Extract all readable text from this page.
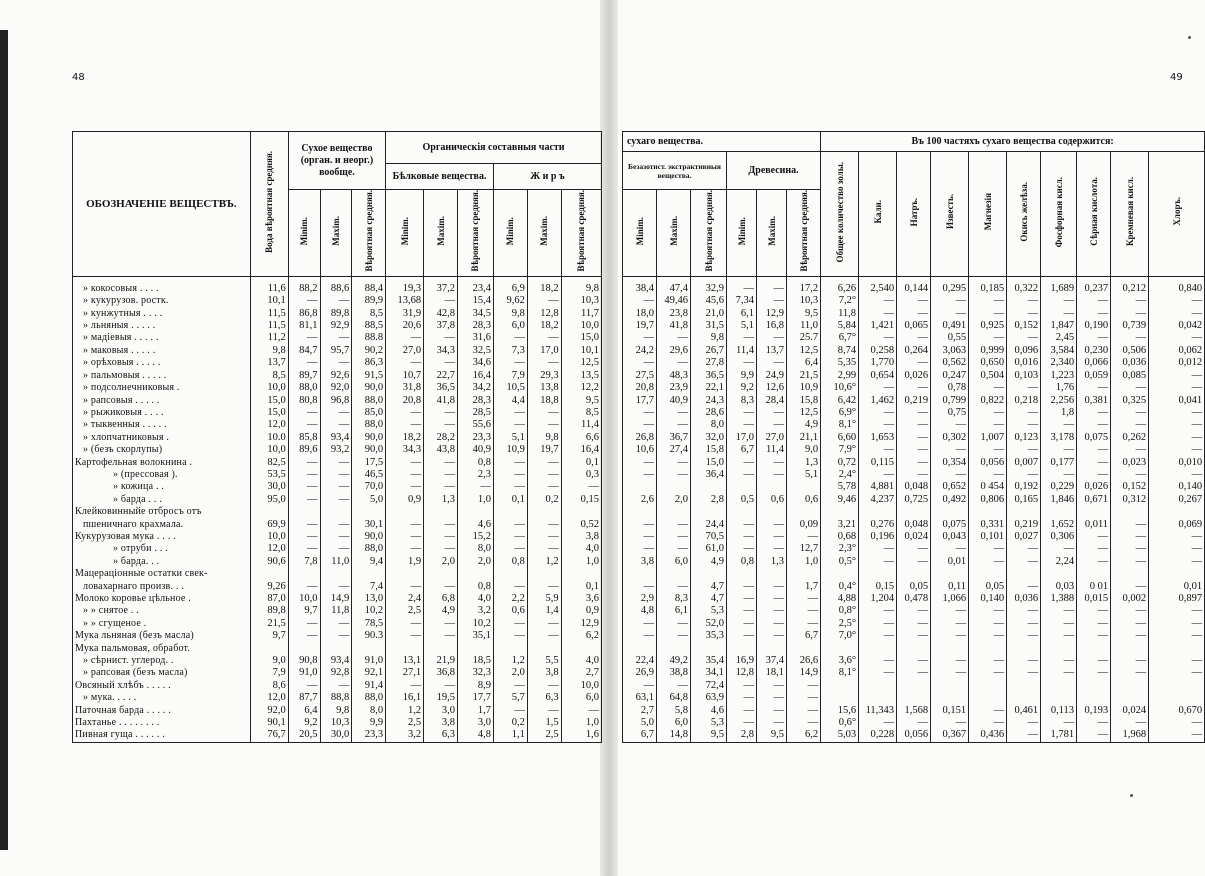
48
ОБОЗНАЧЕНIЕ ВЕЩЕСТВЪ.	Вода вѣроятная средняя.	Сухое вещество (орган. и неорг.) вообще.			Органическiя составныя части					
					Бѣлковые вещества.			Ж и р ъ		
		Minim.	Maxim.	Вѣроятная средняя.	Minim.	Maxim.	Вѣроятная средняя.	Minim.	Maxim.	Вѣроятная средняя.
» кокосовыя . . . .	11,6	88,2	88,6	88,4	19,3	37,2	23,4	6,9	18,2	9,8
» кукурузов. ростк.	10,1	—	—	89,9	13,68	—	15,4	9,62	—	10,3
» кунжутныя . . . .	11,5	86,8	89,8	8,5	31,9	42,8	34,5	9,8	12,8	11,7
» льняныя . . . . .	11,5	81,1	92,9	88,5	20,6	37,8	28,3	6,0	18,2	10,0
» мадiевыя . . . . .	11,2	—	—	88.8	—	—	31,6	—	—	15,0
» маковыя . . . . .	9,8	84,7	95,7	90,2	27,0	34,3	32,5	7,3	17,0	10,1
» орѣховыя . . . . .	13,7	—	—	86,3	—	—	34,6	—	—	12,5
» пальмовыя . . . . .	8,5	89,7	92,6	91,5	10,7	22,7	16,4	7,9	29,3	13,5
» подсолнечниковыя .	10,0	88,0	92,0	90,0	31,8	36,5	34,2	10,5	13,8	12,2
» рапсовыя . . . . .	15,0	80,8	96,8	88,0	20,8	41,8	28,3	4,4	18,8	9,5
» рыжиковыя . . . .	15,0	—	—	85,0	—	—	28,5	—	—	8,5
» тыквенныя . . . . .	12,0	—	—	88,0	—	—	55,6	—	—	11,4
» хлопчатниковыя .	10.0	85,8	93,4	90,0	18,2	28,2	23,3	5,1	9,8	6,6
» (безъ скорлупы)	10,0	89,6	93,2	90,0	34,3	43,8	40,9	10,9	19,7	16,4
Картофельная волокнина .	82,5	—	—	17,5	—	—	0,8	—	—	0,1
» (прессовая ).	53,5	—	—	46,5	—	—	2,3	—	—	0,3
» кожица . .	30,0	—	—	70,0	—	—	—	—	—	—
» барда . . .	95,0	—	—	5,0	0,9	1,3	1,0	0,1	0,2	0,15
Клейковинныйе отбросъ отъ										
пшеничнаго крахмала.	69,9	—	—	30,1	—	—	4,6	—	—	0,52
Кукурузовая мука . . . .	10,0	—	—	90,0	—	—	15,2	—	—	3,8
» отруби . . .	12,0	—	—	88,0	—	—	8,0	—	—	4,0
» барда. . .	90,6	7,8	11,0	9,4	1,9	2,0	2,0	0,8	1,2	1,0
Мацерацiонные остатки свек-										
ловахарнаго произв. . .	9,26	—	—	7,4	—	—	0,8	—	—	0,1
Молоко коровье цѣльное .	87,0	10,0	14,9	13,0	2,4	6,8	4,0	2,2	5,9	3,6
» » снятое . .	89,8	9,7	11,8	10,2	2,5	4,9	3,2	0,6	1,4	0,9
» » сгущеное .	21,5	—	—	78,5	—	—	10,2	—	—	12,9
Мука льняная (безъ масла)	9,7	—	—	90.3	—	—	35,1	—	—	6,2
Мука пальмовая, обработ.										
» сѣрнист. углерод. .	9,0	90,8	93,4	91,0	13,1	21,9	18,5	1,2	5,5	4,0
» рапсовая (безъ масла)	7,9	91,0	92,8	92,1	27,1	36,8	32,3	2,0	3,8	2,7
Овсяный хлѣбъ . . . . .	8,6	—	—	91,4	—	—	8,9	—	—	10,0
» мука. . . . .	12,0	87,7	88,8	88,0	16,1	19,5	17,7	5,7	6,3	6,0
Паточная барда . . . . .	92,0	6,4	9,8	8,0	1,2	3,0	1,7	—	—	—
Пахтанье . . . . . . . .	90,1	9,2	10,3	9,9	2,5	3,8	3,0	0,2	1,5	1,0
Пивная гуща . . . . . .	76,7	20,5	30,0	23,3	3,2	6,3	4,8	1,1	2,5	1,6
49
сухаго вещества.						Въ 100 частяхъ сухаго вещества содержится:									

Безазотист. экстрактивныя вещества.			Древесина.			Общее количество золы.	Кали.	Натръ.	Известь.	Магнезiя	Окись желѣза.	Фосфорная кисл.	Сѣрная кислота.	Кремневая кисл.	Хлоръ.
Minim.	Maxim.	Вѣроятная средняя.	Minim.	Maxim.	Вѣроятная средняя.										
38,4	47,4	32,9	—	—	17,2	6,26	2,540	0,144	0,295	0,185	0,322	1,689	0,237	0,212	0,840
—	49,46	45,6	7,34	—	10,3	7,2°	—	—	—	—	—	—	—	—	—
18,0	23,8	21,0	6,1	12,9	9,5	11,8	—	—	—	—	—	—	—	—	—
19,7	41,8	31,5	5,1	16,8	11,0	5,84	1,421	0,065	0,491	0,925	0,152	1,847	0,190	0,739	0,042
—	—	9,8	—	—	25.7	6,7°	—	—	0,55	—	—	2,45	—	—	—
24,2	29,6	26,7	11,4	13,7	12,5	8,74	0,258	0,264	3,063	0,999	0,096	3,584	0,230	0,506	0,062
—	—	27,8	—	—	6,4	5,35	1,770	—	0,562	0,650	0,016	2,340	0,066	0,036	0,012
27,5	48,3	36,5	9,9	24,9	21,5	2,99	0,654	0,026	0,247	0,504	0,103	1,223	0,059	0,085	—
20,8	23,9	22,1	9,2	12,6	10,9	10,6°	—	—	0,78	—	—	1,76	—	—	—
17,7	40,9	24,3	8,3	28,4	15,8	6,42	1,462	0,219	0,799	0,822	0,218	2,256	0,381	0,325	0,041
—	—	28,6	—	—	12,5	6,9°	—	—	0,75	—	—	1,8	—	—	—
—	—	8,0	—	—	4,9	8,1°	—	—	—	—	—	—	—	—	—
26,8	36,7	32,0	17,0	27,0	21,1	6,60	1,653	—	0,302	1,007	0,123	3,178	0,075	0,262	—
10,6	27,4	15,8	6,7	11,4	9,0	7,9°	—	—	—	—	—	—	—	—	—
—	—	15,0	—	—	1,3	0,72	0,115	—	0,354	0,056	0,007	0,177	—	0,023	0,010
—	—	36,4	—	—	5,1	2,4°	—	—	—	—	—	—	—	—	—
						5,78	4,881	0,048	0,652	0 454	0,192	0,229	0,026	0,152	0,140
2,6	2,0	2,8	0,5	0,6	0,6	9,46	4,237	0,725	0,492	0,806	0,165	1,846	0,671	0,312	0,267

—	—	24,4	—	—	0,09	3,21	0,276	0,048	0,075	0,331	0,219	1,652	0,011	—	0,069
—	—	70,5	—	—	—	0,68	0,196	0,024	0,043	0,101	0,027	0,306	—	—	—
—	—	61,0	—	—	12,7	2,3°	—	—	—	—	—	—	—	—	—
3,8	6,0	4,9	0,8	1,3	1,0	0,5°	—	—	0,01	—	—	2,24	—	—	—

—	—	4,7	—	—	1,7	0,4°	0,15	0,05	0,11	0,05	—	0,03	0 01	—	0,01
2,9	8,3	4,7	—	—	—	4,88	1,204	0,478	1,066	0,140	0,036	1,388	0,015	0,002	0,897
4,8	6,1	5,3	—	—	—	0,8°	—	—	—	—	—	—	—	—	—
—	—	52,0	—	—	—	2,5°	—	—	—	—	—	—	—	—	—
—	—	35,3	—	—	6,7	7,0°	—	—	—	—	—	—	—	—	—

22,4	49,2	35,4	16,9	37,4	26,6	3,6°	—	—	—	—	—	—	—	—	—
26,9	38,8	34,1	12,8	18,1	14,9	8,1°	—	—	—	—	—	—	—	—	—
—	—	72,4	—	—	—										
63,1	64,8	63,9	—	—	—										
2,7	5,8	4,6	—	—	—	15,6	11,343	1,568	0,151	—	0,461	0,113	0,193	0,024	0,670
5,0	6,0	5,3	—	—	—	0,6°	—	—	—	—	—	—	—	—	—
6,7	14,8	9,5	2,8	9,5	6,2	5,03	0,228	0,056	0,367	0,436	—	1,781	—	1,968	—
